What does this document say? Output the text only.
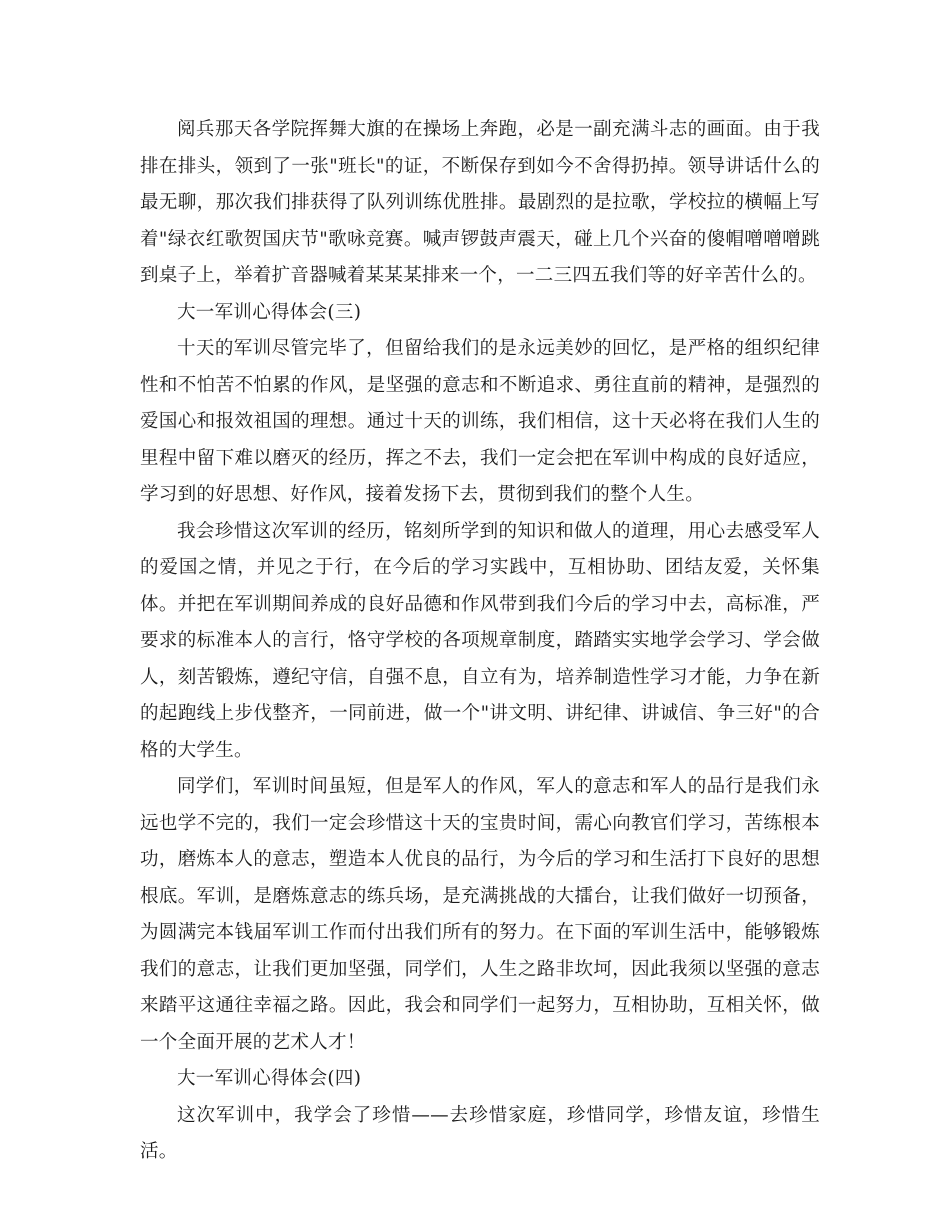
阅兵那天各学院挥舞大旗的在操场上奔跑，必是一副充满斗志的画面。由于我排在排头，领到了一张"班长"的证，不断保存到如今不舍得扔掉。领导讲话什么的最无聊，那次我们排获得了队列训练优胜排。最剧烈的是拉歌，学校拉的横幅上写着"绿衣红歌贺国庆节"歌咏竞赛。喊声锣鼓声震天，碰上几个兴奋的傻帽噌噌噌跳到桌子上，举着扩音器喊着某某某排来一个，一二三四五我们等的好辛苦什么的。

大一军训心得体会(三)

十天的军训尽管完毕了，但留给我们的是永远美妙的回忆，是严格的组织纪律性和不怕苦不怕累的作风，是坚强的意志和不断追求、勇往直前的精神，是强烈的爱国心和报效祖国的理想。通过十天的训练，我们相信，这十天必将在我们人生的里程中留下难以磨灭的经历，挥之不去，我们一定会把在军训中构成的良好适应，学习到的好思想、好作风，接着发扬下去，贯彻到我们的整个人生。

我会珍惜这次军训的经历，铭刻所学到的知识和做人的道理，用心去感受军人的爱国之情，并见之于行，在今后的学习实践中，互相协助、团结友爱，关怀集体。并把在军训期间养成的良好品德和作风带到我们今后的学习中去，高标准，严要求的标准本人的言行，恪守学校的各项规章制度，踏踏实实地学会学习、学会做人，刻苦锻炼，遵纪守信，自强不息，自立有为，培养制造性学习才能，力争在新的起跑线上步伐整齐，一同前进，做一个"讲文明、讲纪律、讲诚信、争三好"的合格的大学生。

同学们，军训时间虽短，但是军人的作风，军人的意志和军人的品行是我们永远也学不完的，我们一定会珍惜这十天的宝贵时间，需心向教官们学习，苦练根本功，磨炼本人的意志，塑造本人优良的品行，为今后的学习和生活打下良好的思想根底。军训，是磨炼意志的练兵场，是充满挑战的大擂台，让我们做好一切预备，为圆满完本钱届军训工作而付出我们所有的努力。在下面的军训生活中，能够锻炼我们的意志，让我们更加坚强，同学们，人生之路非坎坷，因此我须以坚强的意志来踏平这通往幸福之路。因此，我会和同学们一起努力，互相协助，互相关怀，做一个全面开展的艺术人才！

大一军训心得体会(四)

这次军训中，我学会了珍惜——去珍惜家庭，珍惜同学，珍惜友谊，珍惜生活。
